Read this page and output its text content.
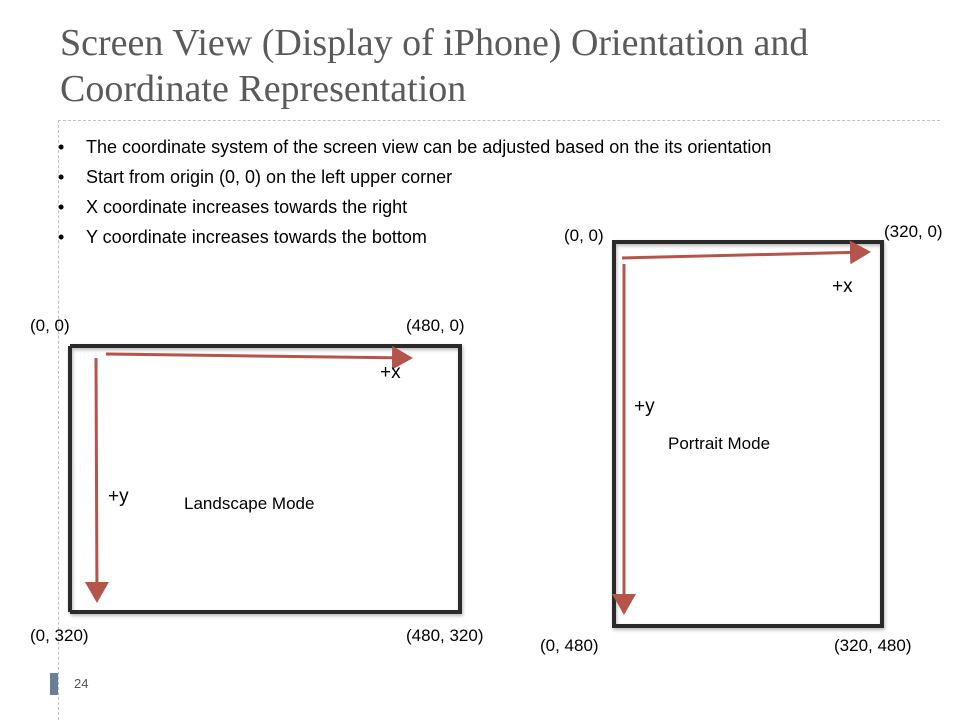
Screen View (Display of iPhone) Orientation and Coordinate Representation
• The coordinate system of the screen view can be adjusted based on the its orientation
• Start from origin (0, 0) on the left upper corner
• X coordinate increases towards the right
• Y coordinate increases towards the bottom
(0, 0)	(480, 0)
(0, 320)	(480, 320)
+x
+y	Landscape Mode
(0, 0)	(320, 0)
(0, 480)	(320, 480)
+x
+y
Portrait Mode
24
